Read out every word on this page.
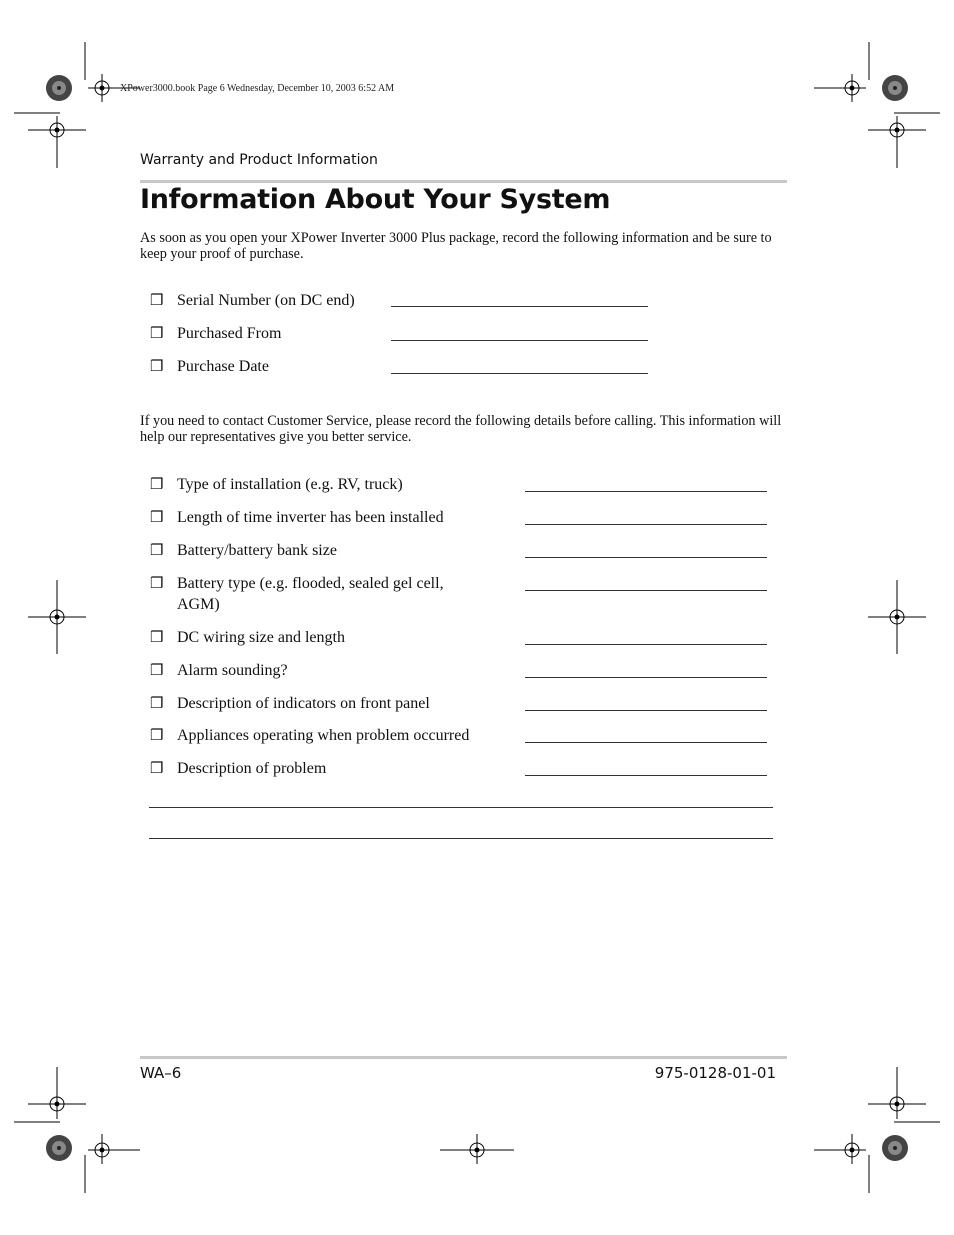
XPower3000.book Page 6 Wednesday, December 10, 2003 6:52 AM
Warranty and Product Information
Information About Your System
As soon as you open your XPower Inverter 3000 Plus package, record the following information and be sure to keep your proof of purchase.
❒ Serial Number (on DC end)
❒ Purchased From
❒ Purchase Date
If you need to contact Customer Service, please record the following details before calling. This information will help our representatives give you better service.
❒ Type of installation (e.g. RV, truck)
❒ Length of time inverter has been installed
❒ Battery/battery bank size
❒ Battery type (e.g. flooded, sealed gel cell, AGM)
❒ DC wiring size and length
❒ Alarm sounding?
❒ Description of indicators on front panel
❒ Appliances operating when problem occurred
❒ Description of problem
WA–6	975-0128-01-01
